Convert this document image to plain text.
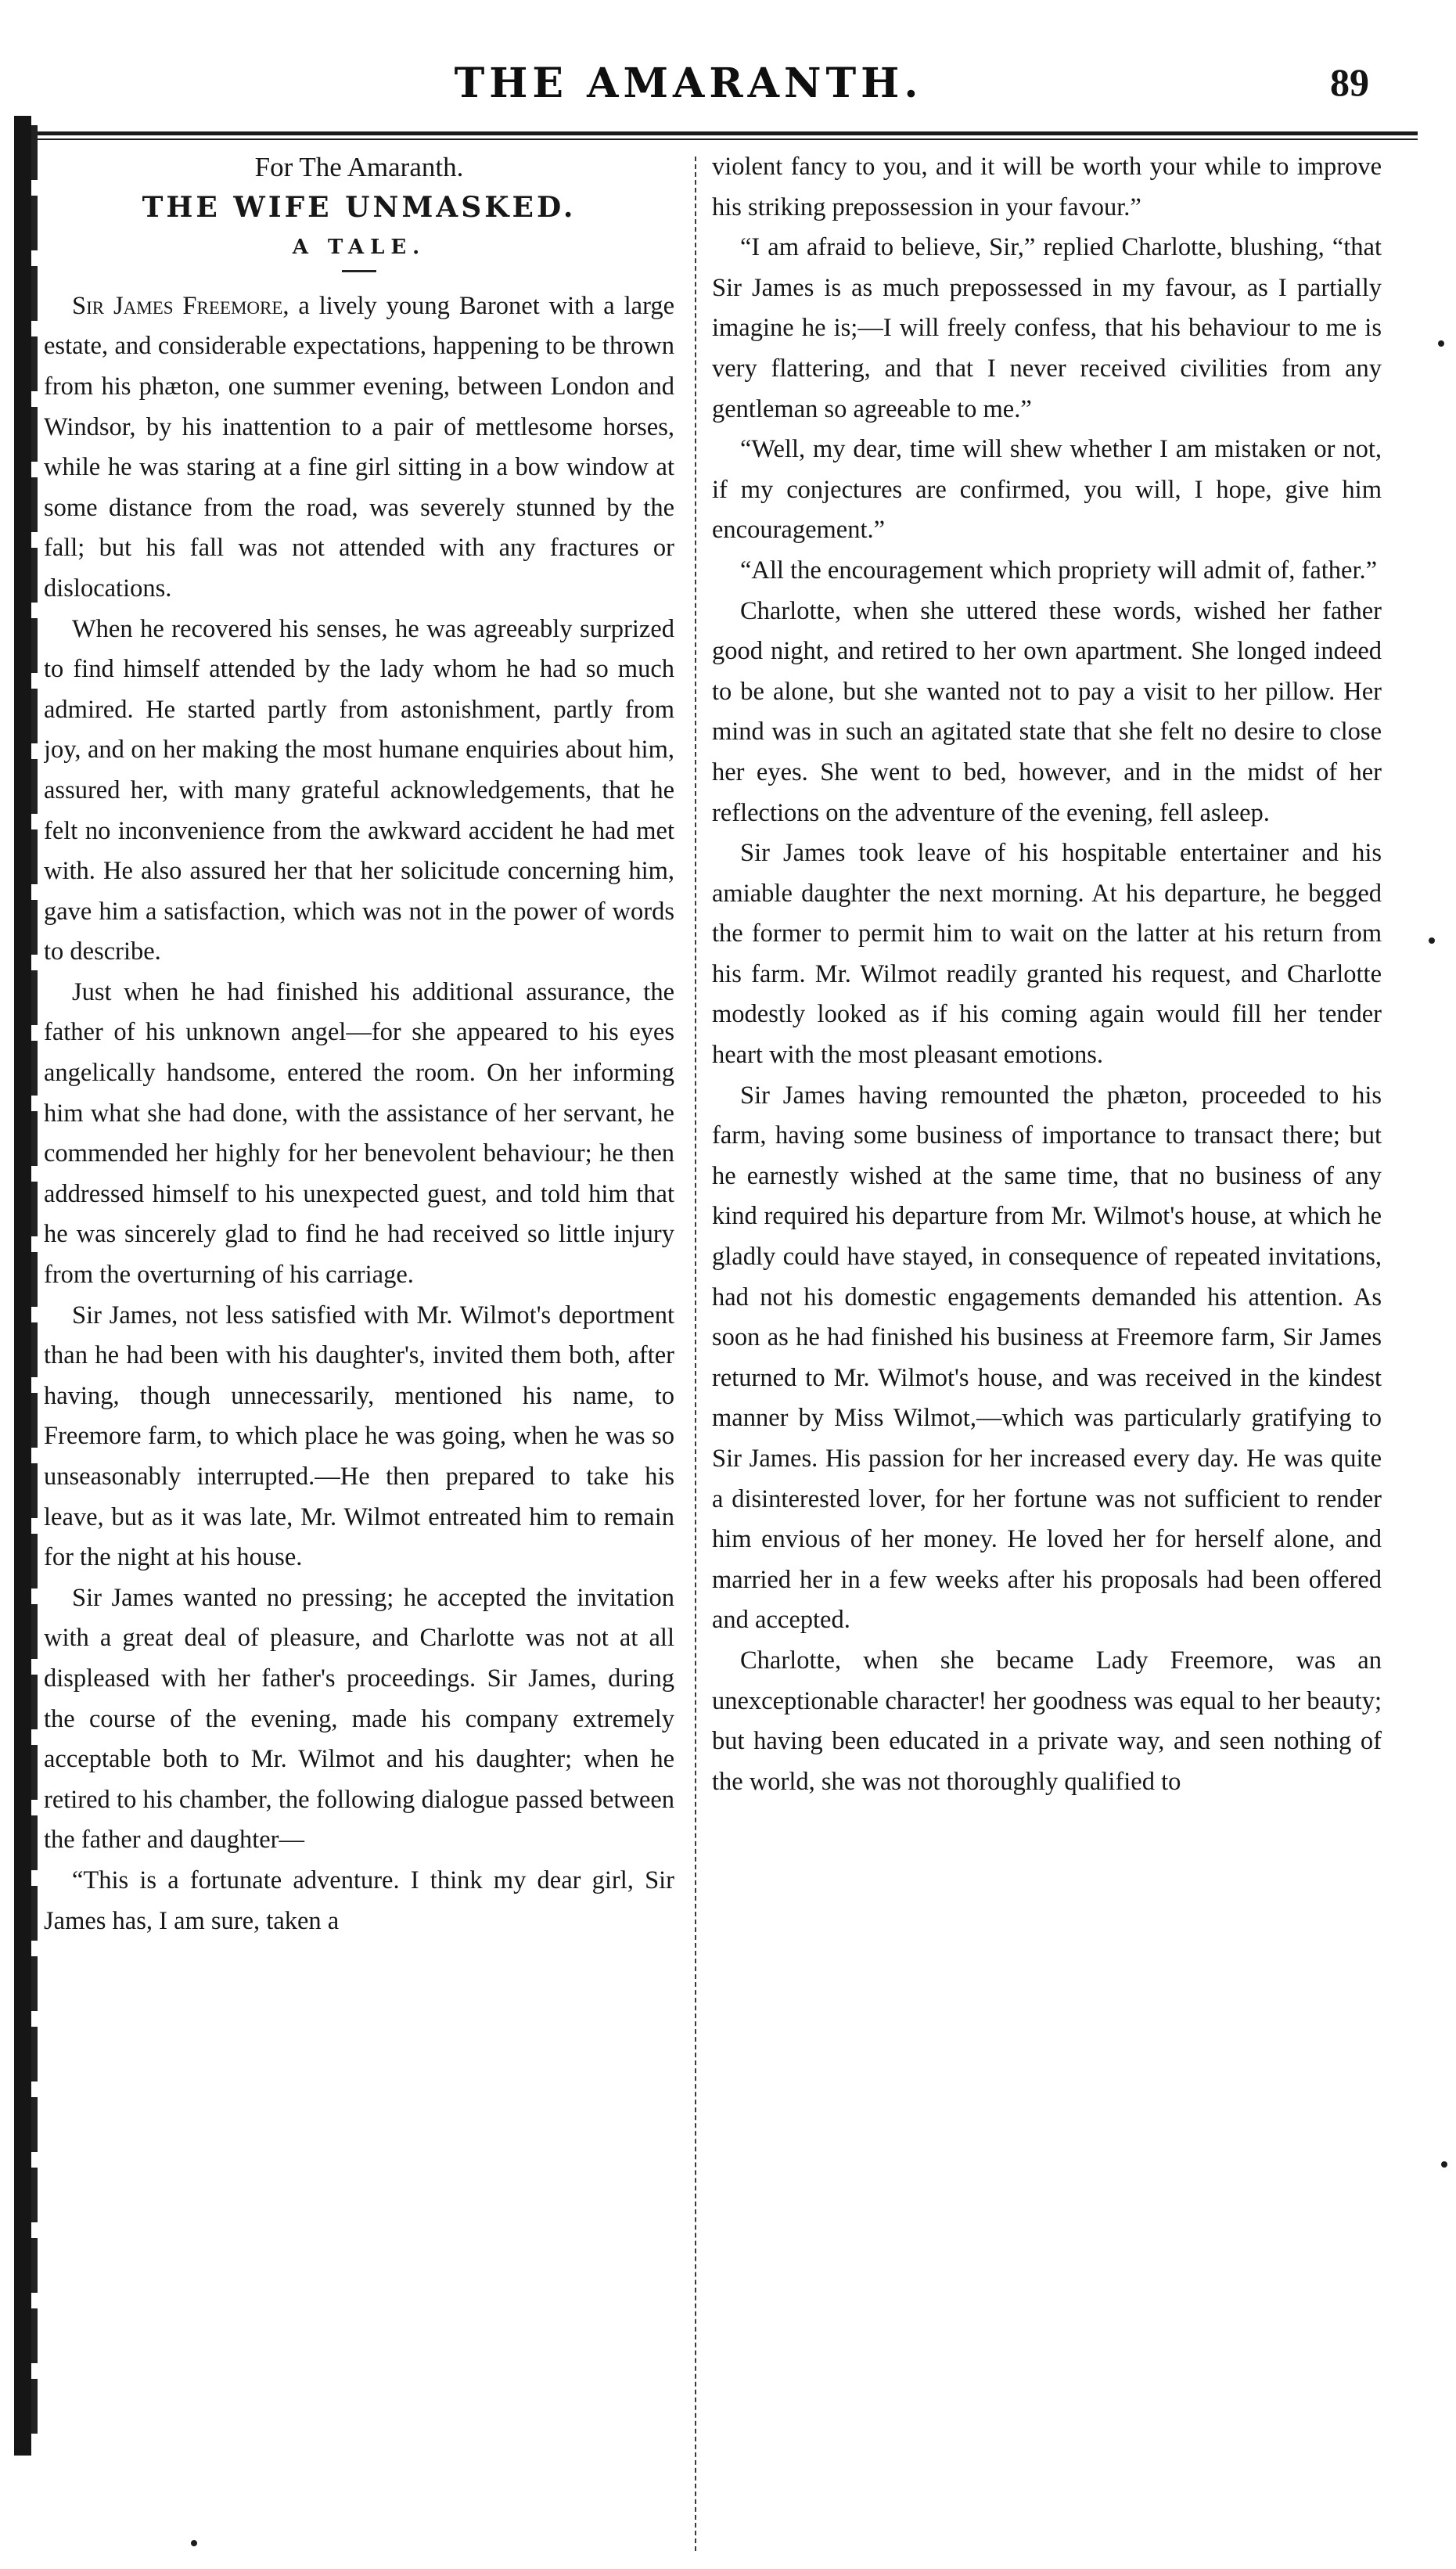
THE AMARANTH.	89

For The Amaranth.

THE WIFE UNMASKED.

A TALE.

Sir James Freemore, a lively young Baronet with a large estate, and considerable expectations, happening to be thrown from his phæton, one summer evening, between London and Windsor, by his inattention to a pair of mettlesome horses, while he was staring at a fine girl sitting in a bow window at some distance from the road, was severely stunned by the fall; but his fall was not attended with any fractures or dislocations.

When he recovered his senses, he was agreeably surprized to find himself attended by the lady whom he had so much admired. He started partly from astonishment, partly from joy, and on her making the most humane enquiries about him, assured her, with many grateful acknowledgements, that he felt no inconvenience from the awkward accident he had met with. He also assured her that her solicitude concerning him, gave him a satisfaction, which was not in the power of words to describe.

Just when he had finished his additional assurance, the father of his unknown angel—for she appeared to his eyes angelically handsome, entered the room. On her informing him what she had done, with the assistance of her servant, he commended her highly for her benevolent behaviour; he then addressed himself to his unexpected guest, and told him that he was sincerely glad to find he had received so little injury from the overturning of his carriage.

Sir James, not less satisfied with Mr. Wilmot's deportment than he had been with his daughter's, invited them both, after having, though unnecessarily, mentioned his name, to Freemore farm, to which place he was going, when he was so unseasonably interrupted.—He then prepared to take his leave, but as it was late, Mr. Wilmot entreated him to remain for the night at his house.

Sir James wanted no pressing; he accepted the invitation with a great deal of pleasure, and Charlotte was not at all displeased with her father's proceedings. Sir James, during the course of the evening, made his company extremely acceptable both to Mr. Wilmot and his daughter; when he retired to his chamber, the following dialogue passed between the father and daughter—

“This is a fortunate adventure. I think my dear girl, Sir James has, I am sure, taken a

violent fancy to you, and it will be worth your while to improve his striking prepossession in your favour.”

“I am afraid to believe, Sir,” replied Charlotte, blushing, “that Sir James is as much prepossessed in my favour, as I partially imagine he is;—I will freely confess, that his behaviour to me is very flattering, and that I never received civilities from any gentleman so agreeable to me.”

“Well, my dear, time will shew whether I am mistaken or not, if my conjectures are confirmed, you will, I hope, give him encouragement.”

“All the encouragement which propriety will admit of, father.”

Charlotte, when she uttered these words, wished her father good night, and retired to her own apartment. She longed indeed to be alone, but she wanted not to pay a visit to her pillow. Her mind was in such an agitated state that she felt no desire to close her eyes. She went to bed, however, and in the midst of her reflections on the adventure of the evening, fell asleep.

Sir James took leave of his hospitable entertainer and his amiable daughter the next morning. At his departure, he begged the former to permit him to wait on the latter at his return from his farm. Mr. Wilmot readily granted his request, and Charlotte modestly looked as if his coming again would fill her tender heart with the most pleasant emotions.

Sir James having remounted the phæton, proceeded to his farm, having some business of importance to transact there; but he earnestly wished at the same time, that no business of any kind required his departure from Mr. Wilmot's house, at which he gladly could have stayed, in consequence of repeated invitations, had not his domestic engagements demanded his attention. As soon as he had finished his business at Freemore farm, Sir James returned to Mr. Wilmot's house, and was received in the kindest manner by Miss Wilmot,—which was particularly gratifying to Sir James. His passion for her increased every day. He was quite a disinterested lover, for her fortune was not sufficient to render him envious of her money. He loved her for herself alone, and married her in a few weeks after his proposals had been offered and accepted.

Charlotte, when she became Lady Freemore, was an unexceptionable character! her goodness was equal to her beauty; but having been educated in a private way, and seen nothing of the world, she was not thoroughly qualified to
